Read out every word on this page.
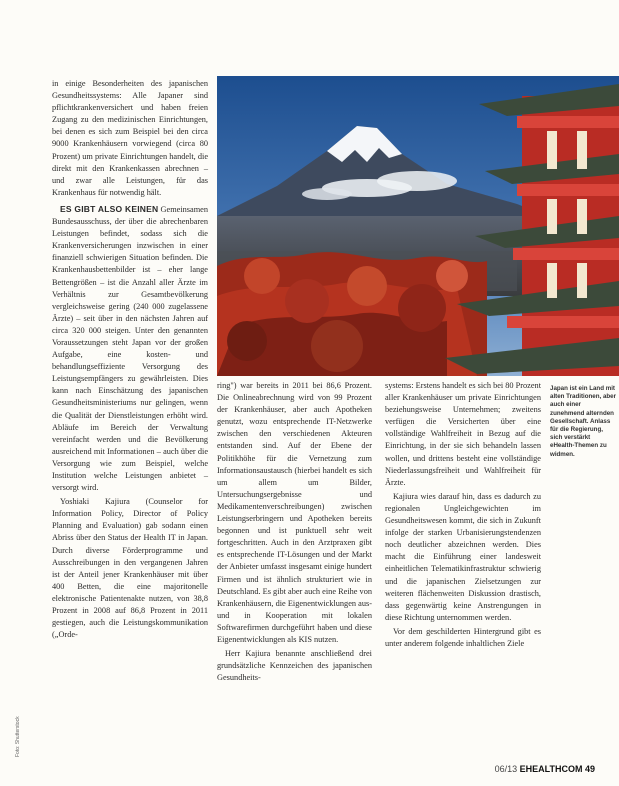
in einige Besonderheiten des japanischen Gesundheitssystems: Alle Japaner sind pflichtkrankenversichert und haben freien Zugang zu den medizinischen Einrichtungen, bei denen es sich zum Beispiel bei den circa 9000 Krankenhäusern vorwiegend (circa 80 Prozent) um private Einrichtungen handelt, die direkt mit den Krankenkassen abrechnen – und zwar alle Leistungen, für das Krankenhaus für notwendig hält.

ES GIBT ALSO KEINEN Gemeinsamen Bundesausschuss, der über die abrechenbaren Leistungen befindet, sodass sich die Krankenversicherungen inzwischen in einer finanziell schwierigen Situation befinden. Die Krankenhausbettenbilder ist – eher lange Bettengrößen – ist die Anzahl aller Ärzte im Verhältnis zur Gesamtbevölkerung vergleichsweise gering (240 000 zugelassene Ärzte) – seit über in den nächsten Jahren auf circa 320 000 steigen. Unter den genannten Voraussetzungen steht Japan vor der großen Aufgabe, eine kosten- und behandlungseffiziente Versorgung des Leistungsempfängers zu gewährleisten. Dies kann nach Einschätzung des japanischen Gesundheitsministeriums nur gelingen, wenn die Qualität der Dienstleistungen erhöht wird. Abläufe im Bereich der Verwaltung vereinfacht werden und die Bevölkerung ausreichend mit Informationen – auch über die Versorgung wie zum Beispiel, welche Institution welche Leistungen anbietet – versorgt wird.

Yoshiaki Kajiura (Counselor for Information Policy, Director of Policy Planning and Evaluation) gab sodann einen Abriss über den Status der Health IT in Japan. Durch diverse Förderprogramme und Ausschreibungen in den vergangenen Jahren ist der Anteil jener Krankenhäuser mit über 400 Betten, die eine majoritonelle elektronische Patientenakte nutzen, von 38,8 Prozent in 2008 auf 86,8 Prozent in 2011 gestiegen, auch die Leistungskommunikation („Orde-

Japan ist ein Land mit alten Traditionen, aber auch einer zunehmend alternden Gesellschaft. Anlass für die Regierung, sich verstärkt eHealth-Themen zu widmen.

ring") war bereits in 2011 bei 86,6 Prozent. Die Onlineabrechnung wird von 99 Prozent der Krankenhäuser, aber auch Apotheken genutzt, wozu entsprechende IT-Netzwerke zwischen den verschiedenen Akteuren entstanden sind. Auf der Ebene der Politikhöhe für die Vernetzung zum Informationsaustausch (hierbei handelt es sich um allem um Bilder, Untersuchungsergebnisse und Medikamentenverschreibungen) zwischen Leistungserbringern und Apotheken bereits begonnen und ist punktuell sehr weit fortgeschritten. Auch in den Arztpraxen gibt es entsprechende IT-Lösungen und der Markt der Anbieter umfasst insgesamt einige hundert Firmen und ist ähnlich strukturiert wie in Deutschland. Es gibt aber auch eine Reihe von Krankenhäusern, die Eigenentwicklungen aus- und in Kooperation mit lokalen Softwarefirmen durchgeführt haben und diese Eigenentwicklungen als KIS nutzen.

Herr Kajiura benannte anschließend drei grundsätzliche Kennzeichen des japanischen Gesundheits-

systems: Erstens handelt es sich bei 80 Prozent aller Krankenhäuser um private Einrichtungen beziehungsweise Unternehmen; zweitens verfügen die Versicherten über eine vollständige Wahlfreiheit in Bezug auf die Einrichtung, in der sie sich behandeln lassen wollen, und drittens besteht eine vollständige Niederlassungsfreiheit und Wahlfreiheit für Ärzte.

Kajiura wies darauf hin, dass es dadurch zu regionalen Ungleichgewichten im Gesundheitswesen kommt, die sich in Zukunft infolge der starken Urbanisierungstendenzen noch deutlicher abzeichnen werden. Dies macht die Einführung einer landesweit einheitlichen Telematikinfrastruktur schwierig und die japanischen Zielsetzungen zur weiteren flächenweiten Diskussion drastisch, dass gegenwärtig keine Anstrengungen in diese Richtung unternommen werden.

Vor dem geschilderten Hintergrund gibt es unter anderem folgende inhaltlichen Ziele

Foto: Shutterstock
06/13 EHEALTHCOM 49
